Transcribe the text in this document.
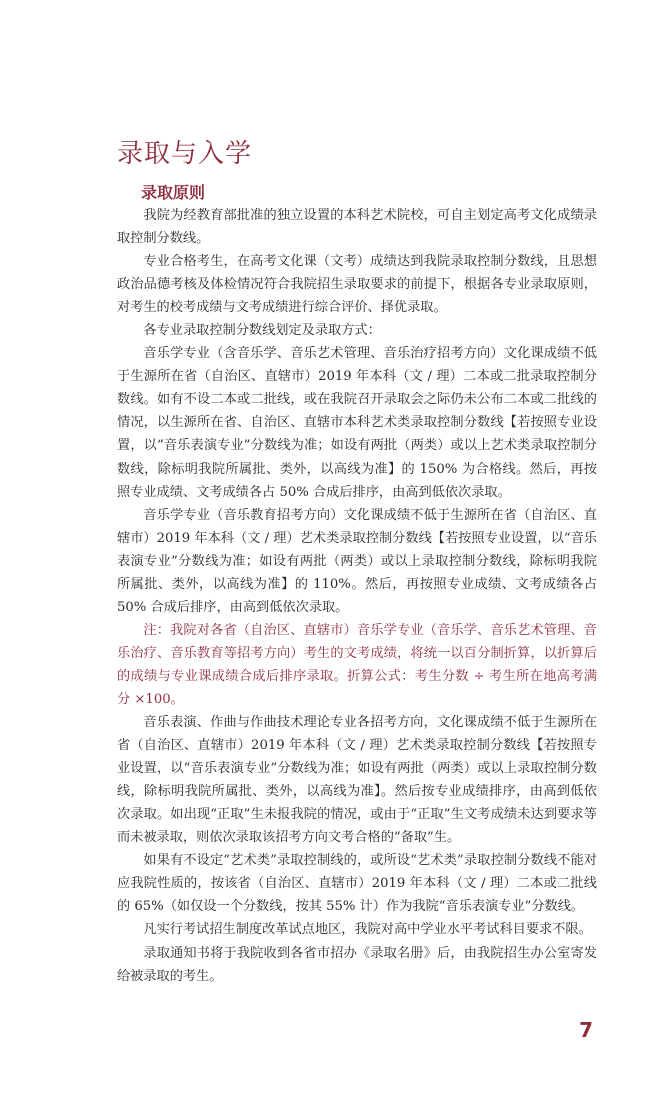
录取与入学
录取原则

我院为经教育部批准的独立设置的本科艺术院校，可自主划定高考文化成绩录取控制分数线。

专业合格考生，在高考文化课（文考）成绩达到我院录取控制分数线，且思想政治品德考核及体检情况符合我院招生录取要求的前提下，根据各专业录取原则，对考生的校考成绩与文考成绩进行综合评价、择优录取。

各专业录取控制分数线划定及录取方式：

音乐学专业（含音乐学、音乐艺术管理、音乐治疗招考方向）文化课成绩不低于生源所在省（自治区、直辖市）2019 年本科（文 / 理）二本或二批录取控制分数线。如有不设二本或二批线，或在我院召开录取会之际仍未公布二本或二批线的情况，以生源所在省、自治区、直辖市本科艺术类录取控制分数线【若按照专业设置，以“音乐表演专业”分数线为准；如设有两批（两类）或以上艺术类录取控制分数线，除标明我院所属批、类外，以高线为准】的 150% 为合格线。然后，再按照专业成绩、文考成绩各占 50% 合成后排序，由高到低依次录取。

音乐学专业（音乐教育招考方向）文化课成绩不低于生源所在省（自治区、直辖市）2019 年本科（文 / 理）艺术类录取控制分数线【若按照专业设置，以“音乐表演专业”分数线为准；如设有两批（两类）或以上录取控制分数线，除标明我院所属批、类外，以高线为准】的 110%。然后，再按照专业成绩、文考成绩各占 50% 合成后排序，由高到低依次录取。

注：我院对各省（自治区、直辖市）音乐学专业（音乐学、音乐艺术管理、音乐治疗、音乐教育等招考方向）考生的文考成绩，将统一以百分制折算，以折算后的成绩与专业课成绩合成后排序录取。折算公式：考生分数 ÷ 考生所在地高考满分 ×100。

音乐表演、作曲与作曲技术理论专业各招考方向，文化课成绩不低于生源所在省（自治区、直辖市）2019 年本科（文 / 理）艺术类录取控制分数线【若按照专业设置，以“音乐表演专业”分数线为准；如设有两批（两类）或以上录取控制分数线，除标明我院所属批、类外，以高线为准】。然后按专业成绩排序，由高到低依次录取。如出现“正取”生未报我院的情况，或由于“正取”生文考成绩未达到要求等而未被录取，则依次录取该招考方向文考合格的“备取”生。

如果有不设定“艺术类”录取控制线的，或所设“艺术类”录取控制分数线不能对应我院性质的，按该省（自治区、直辖市）2019 年本科（文 / 理）二本或二批线的 65%（如仅设一个分数线，按其 55% 计）作为我院“音乐表演专业”分数线。

凡实行考试招生制度改革试点地区，我院对高中学业水平考试科目要求不限。

录取通知书将于我院收到各省市招办《录取名册》后，由我院招生办公室寄发给被录取的考生。

7
